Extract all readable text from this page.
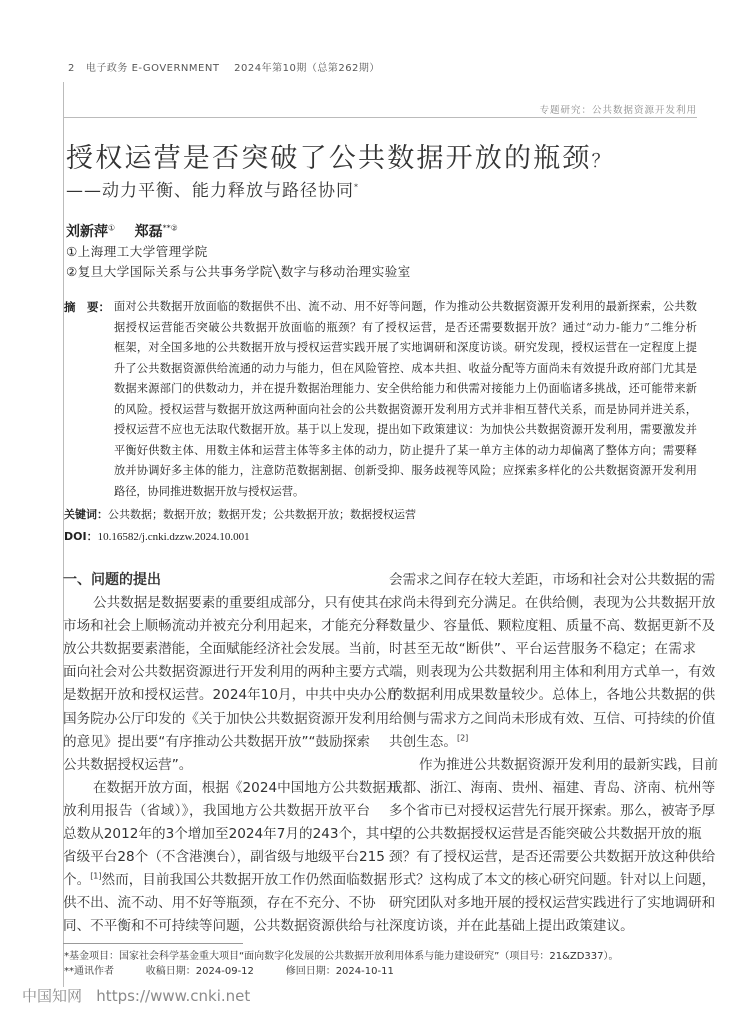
2   电子政务 E-GOVERNMENT    2024年第10期（总第262期）
专题研究：公共数据资源开发利用
授权运营是否突破了公共数据开放的瓶颈？
——动力平衡、能力释放与路径协同*
刘新萍① 郑磊**②
①上海理工大学管理学院
②复旦大学国际关系与公共事务学院╲数字与移动治理实验室
摘　要： 面对公共数据开放面临的数据供不出、流不动、用不好等问题，作为推动公共数据资源开发利用的最新探索，公共数
据授权运营能否突破公共数据开放面临的瓶颈？有了授权运营，是否还需要数据开放？通过“动力-能力”二维分析
框架，对全国多地的公共数据开放与授权运营实践开展了实地调研和深度访谈。研究发现，授权运营在一定程度上提
升了公共数据资源供给流通的动力与能力，但在风险管控、成本共担、收益分配等方面尚未有效提升政府部门尤其是
数据来源部门的供数动力，并在提升数据治理能力、安全供给能力和供需对接能力上仍面临诸多挑战，还可能带来新
的风险。授权运营与数据开放这两种面向社会的公共数据资源开发利用方式并非相互替代关系，而是协同并进关系，
授权运营不应也无法取代数据开放。基于以上发现，提出如下政策建议：为加快公共数据资源开发利用，需要激发并
平衡好供数主体、用数主体和运营主体等多主体的动力，防止提升了某一单方主体的动力却偏离了整体方向；需要释
放并协调好多主体的能力，注意防范数据割据、创新受抑、服务歧视等风险；应探索多样化的公共数据资源开发利用
路径，协同推进数据开放与授权运营。
关键词：公共数据；数据开放；数据开发；公共数据开放；数据授权运营
DOI：10.16582/j.cnki.dzzw.2024.10.001
一、问题的提出
公共数据是数据要素的重要组成部分，只有使其在
市场和社会上顺畅流动并被充分利用起来，才能充分释
放公共数据要素潜能，全面赋能经济社会发展。当前，
面向社会对公共数据资源进行开发利用的两种主要方式
是数据开放和授权运营。2024年10月，中共中央办公厅
国务院办公厅印发的《关于加快公共数据资源开发利用
的意见》提出要“有序推动公共数据开放”“鼓励探索
公共数据授权运营”。
在数据开放方面，根据《2024中国地方公共数据开
放利用报告（省域）》，我国地方公共数据开放平台
总数从2012年的3个增加至2024年7月的243个，其中，
省级平台28个（不含港澳台），副省级与地级平台215
个。[1]然而，目前我国公共数据开放工作仍然面临数据
供不出、流不动、用不好等瓶颈，存在不充分、不协
同、不平衡和不可持续等问题，公共数据资源供给与社
会需求之间存在较大差距，市场和社会对公共数据的需
求尚未得到充分满足。在供给侧，表现为公共数据开放
数量少、容量低、颗粒度粗、质量不高、数据更新不及
时甚至无故“断供”、平台运营服务不稳定；在需求
端，则表现为公共数据利用主体和利用方式单一，有效
的数据利用成果数量较少。总体上，各地公共数据的供
给侧与需求方之间尚未形成有效、互信、可持续的价值
共创生态。[2]
作为推进公共数据资源开发利用的最新实践，目前
成都、浙江、海南、贵州、福建、青岛、济南、杭州等
多个省市已对授权运营先行展开探索。那么，被寄予厚
望的公共数据授权运营是否能突破公共数据开放的瓶
颈？有了授权运营，是否还需要公共数据开放这种供给
形式？这构成了本文的核心研究问题。针对以上问题，
研究团队对多地开展的授权运营实践进行了实地调研和
深度访谈，并在此基础上提出政策建议。
*基金项目：国家社会科学基金重大项目“面向数字化发展的公共数据开放利用体系与能力建设研究”（项目号：21&ZD337）。
**通讯作者          收稿日期：2024-09-12          修回日期：2024-10-11
中国知网   https://www.cnki.net
